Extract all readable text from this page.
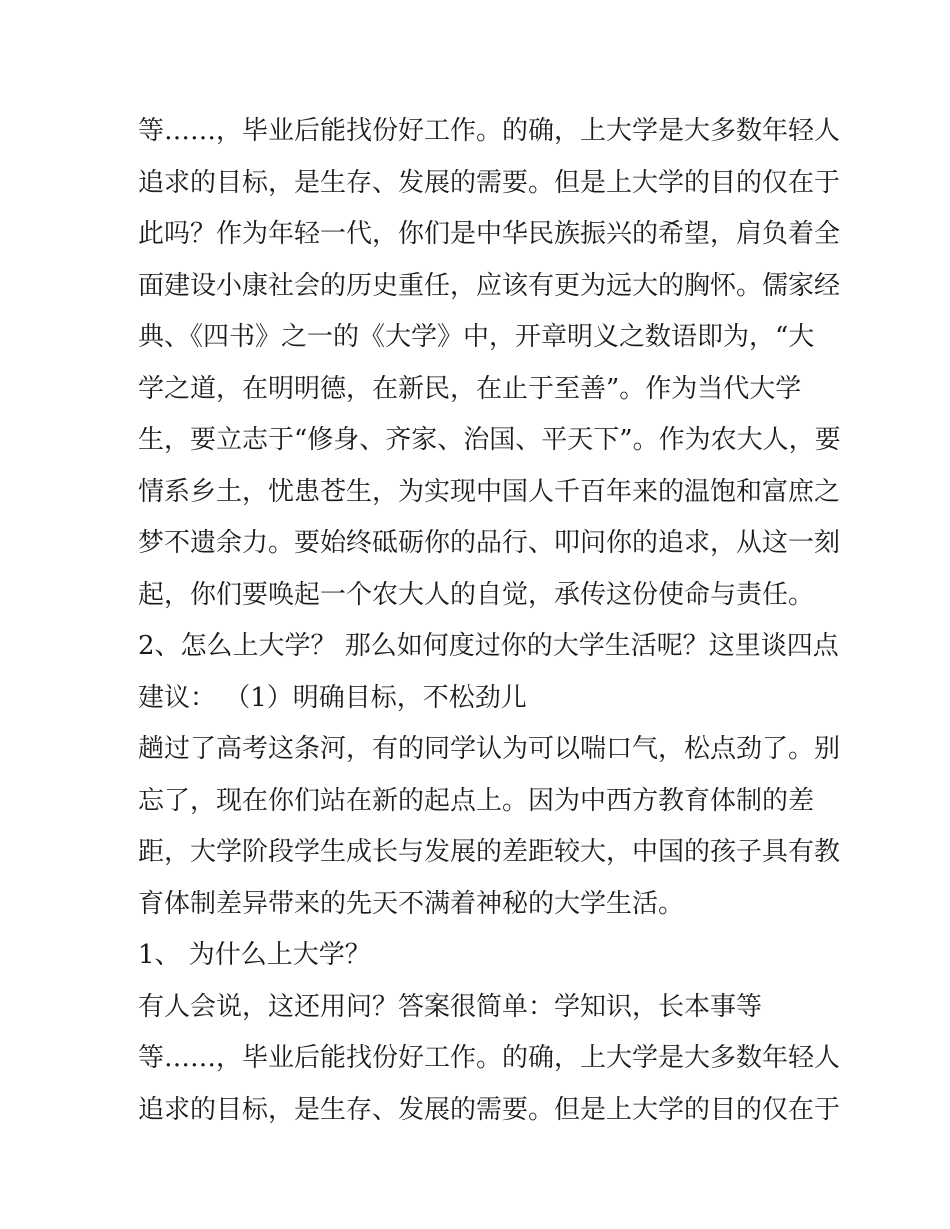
等……，毕业后能找份好工作。的确，上大学是大多数年轻人
追求的目标，是生存、发展的需要。但是上大学的目的仅在于
此吗？作为年轻一代，你们是中华民族振兴的希望，肩负着全
面建设小康社会的历史重任，应该有更为远大的胸怀。儒家经
典、《四书》之一的《大学》中，开章明义之数语即为，“大
学之道，在明明德，在新民，在止于至善”。作为当代大学
生，要立志于“修身、齐家、治国、平天下”。作为农大人，要
情系乡土，忧患苍生，为实现中国人千百年来的温饱和富庶之
梦不遗余力。要始终砥砺你的品行、叩问你的追求，从这一刻
起，你们要唤起一个农大人的自觉，承传这份使命与责任。
2、怎么上大学？ 那么如何度过你的大学生活呢？这里谈四点
建议： （1）明确目标，不松劲儿
趟过了高考这条河，有的同学认为可以喘口气，松点劲了。别
忘了，现在你们站在新的起点上。因为中西方教育体制的差
距，大学阶段学生成长与发展的差距较大，中国的孩子具有教
育体制差异带来的先天不满着神秘的大学生活。
1、 为什么上大学？
有人会说，这还用问？答案很简单：学知识，长本事等
等……，毕业后能找份好工作。的确，上大学是大多数年轻人
追求的目标，是生存、发展的需要。但是上大学的目的仅在于
